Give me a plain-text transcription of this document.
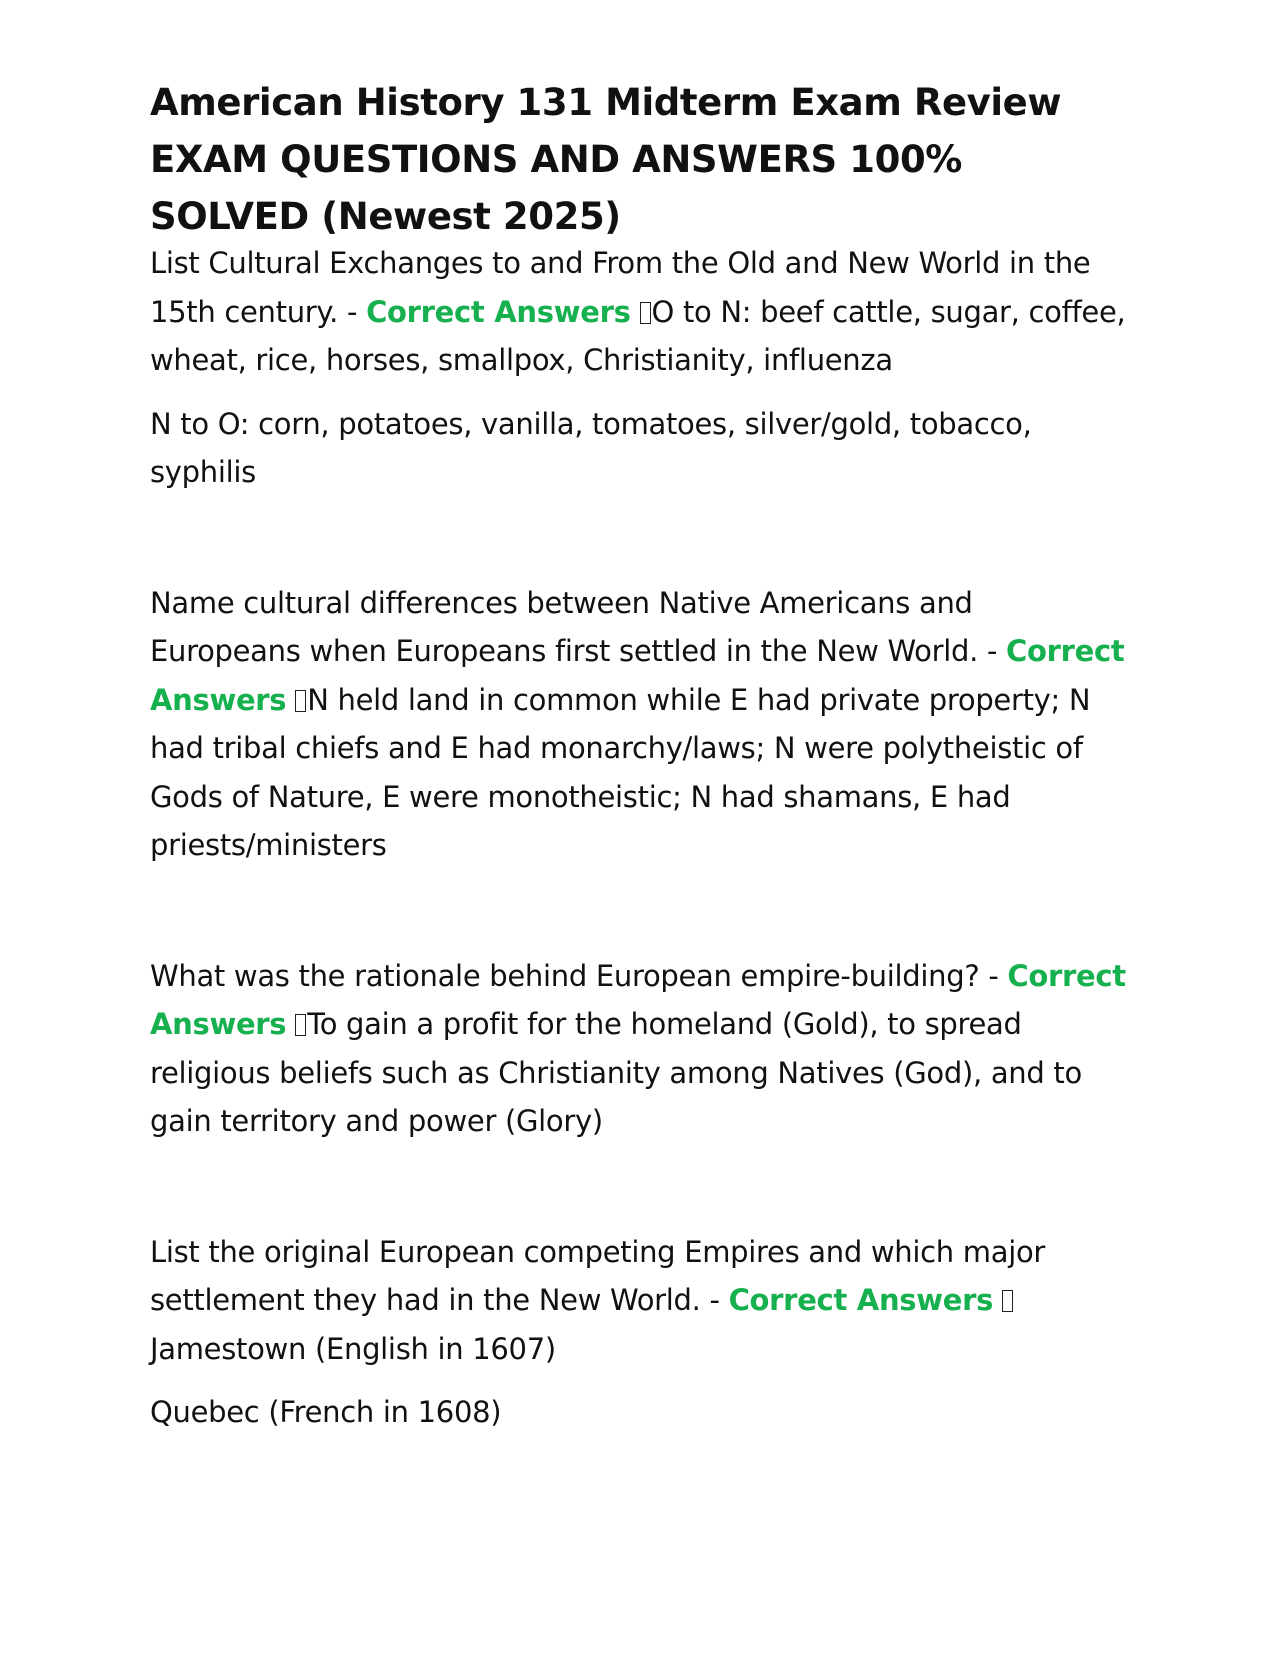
American History 131 Midterm Exam Review EXAM QUESTIONS AND ANSWERS 100% SOLVED (Newest 2025)
List Cultural Exchanges to and From the Old and New World in the 15th century. - Correct Answers O to N: beef cattle, sugar, coffee, wheat, rice, horses, smallpox, Christianity, influenza
N to O: corn, potatoes, vanilla, tomatoes, silver/gold, tobacco, syphilis
Name cultural differences between Native Americans and Europeans when Europeans first settled in the New World. - Correct Answers N held land in common while E had private property; N had tribal chiefs and E had monarchy/laws; N were polytheistic of Gods of Nature, E were monotheistic; N had shamans, E had priests/ministers
What was the rationale behind European empire-building? - Correct Answers To gain a profit for the homeland (Gold), to spread religious beliefs such as Christianity among Natives (God), and to gain territory and power (Glory)
List the original European competing Empires and which major settlement they had in the New World. - Correct Answers Jamestown (English in 1607)
Quebec (French in 1608)
